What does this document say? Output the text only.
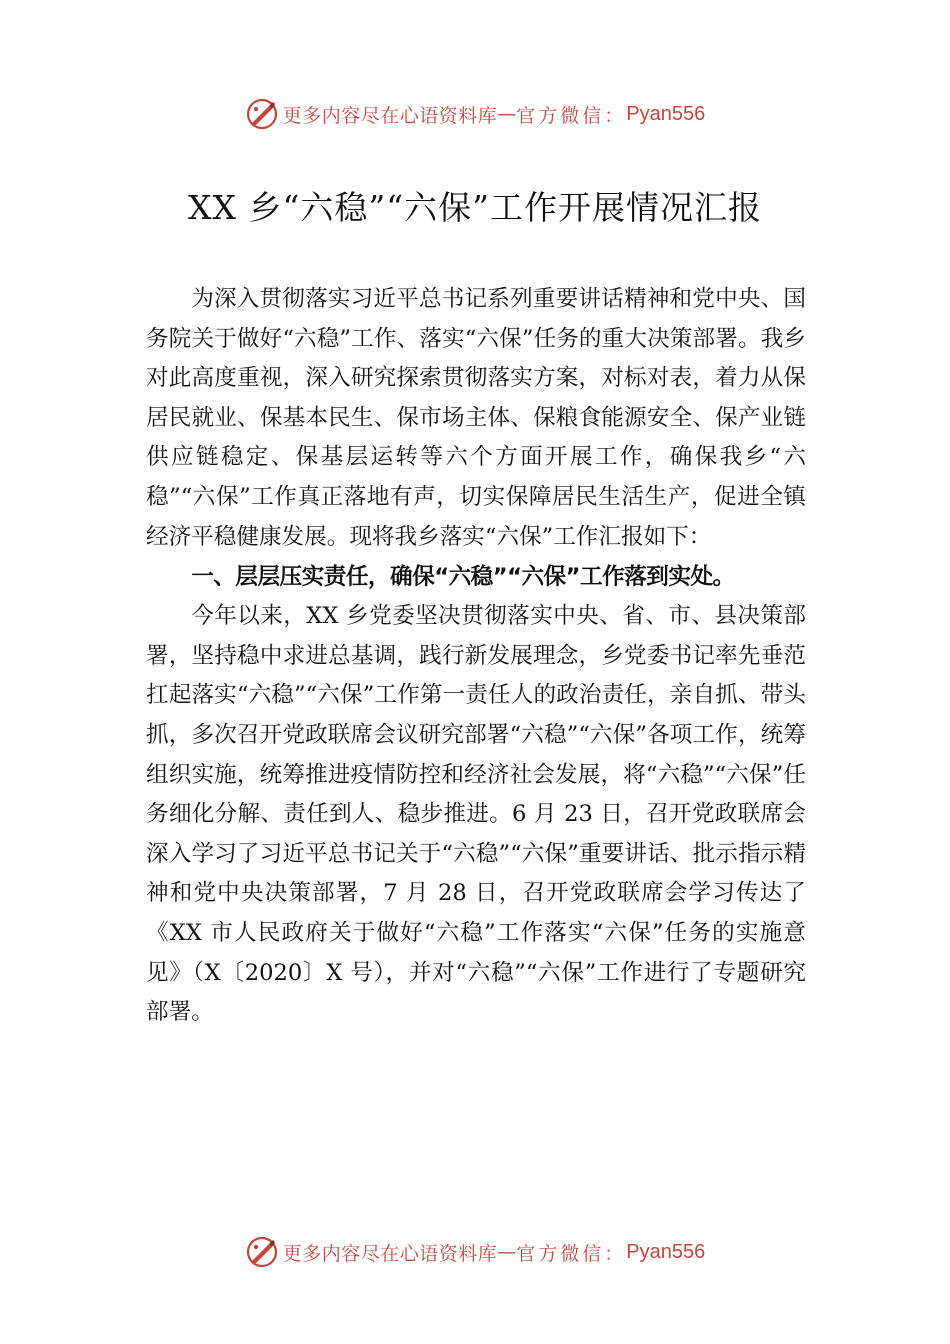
更多内容尽在心语资料库 — 官方微信： Pyan556
XX 乡“六稳”“六保”工作开展情况汇报

为深入贯彻落实习近平总书记系列重要讲话精神和党中央、国务院关于做好“六稳”工作、落实“六保”任务的重大决策部署。我乡对此高度重视，深入研究探索贯彻落实方案，对标对表，着力从保居民就业、保基本民生、保市场主体、保粮食能源安全、保产业链供应链稳定、保基层运转等六个方面开展工作，确保我乡“六稳”“六保”工作真正落地有声，切实保障居民生活生产，促进全镇经济平稳健康发展。现将我乡落实“六保”工作汇报如下：

一、层层压实责任，确保“六稳”“六保”工作落到实处。

今年以来，XX 乡党委坚决贯彻落实中央、省、市、县决策部署，坚持稳中求进总基调，践行新发展理念，乡党委书记率先垂范扛起落实“六稳”“六保”工作第一责任人的政治责任，亲自抓、带头抓，多次召开党政联席会议研究部署“六稳”“六保”各项工作，统筹组织实施，统筹推进疫情防控和经济社会发展，将“六稳”“六保”任务细化分解、责任到人、稳步推进。6 月 23 日，召开党政联席会深入学习了习近平总书记关于“六稳”“六保”重要讲话、批示指示精神和党中央决策部署，7 月 28 日，召开党政联席会学习传达了《XX 市人民政府关于做好“六稳”工作落实“六保”任务的实施意见》（X〔2020〕X 号），并对“六稳”“六保”工作进行了专题研究部署。

更多内容尽在心语资料库 — 官方微信： Pyan556
